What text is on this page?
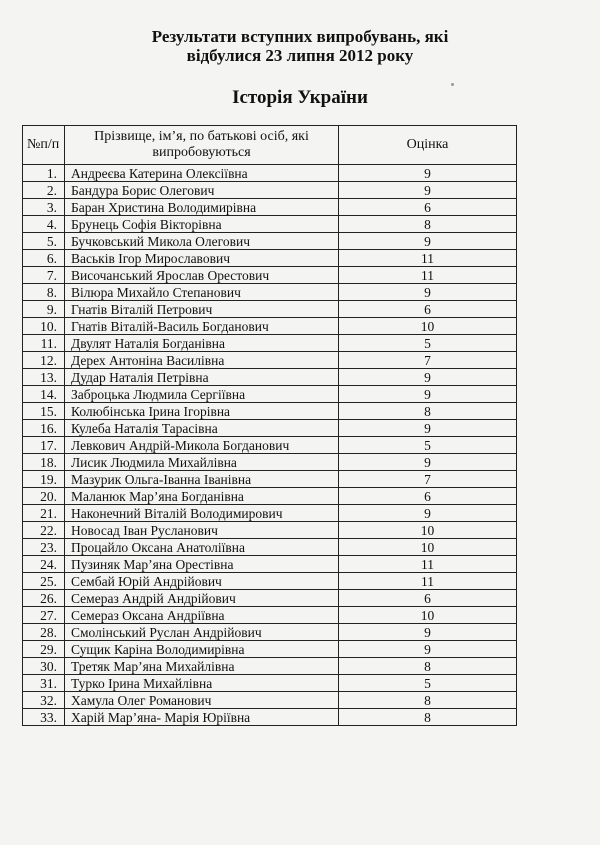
Результати вступних випробувань, які
відбулися 23 липня 2012 року
Історія України
№п/п	Прізвище, ім’я, по батькові осіб, які випробовуються	Оцінка
1.	Андреєва Катерина Олексіївна	9
2.	Бандура Борис Олегович	9
3.	Баран Христина Володимирівна	6
4.	Брунець Софія Вікторівна	8
5.	Бучковський Микола Олегович	9
6.	Васьків Ігор Мирославович	11
7.	Височанський Ярослав Орестович	11
8.	Вілюра Михайло Степанович	9
9.	Гнатів Віталій Петрович	6
10.	Гнатів Віталій-Василь Богданович	10
11.	Двулят Наталія Богданівна	5
12.	Дерех Антоніна Василівна	7
13.	Дудар Наталія Петрівна	9
14.	Заброцька Людмила Сергіївна	9
15.	Колюбінська Ірина Ігорівна	8
16.	Кулеба Наталія Тарасівна	9
17.	Левкович Андрій-Микола Богданович	5
18.	Лисик Людмила Михайлівна	9
19.	Мазурик Ольга-Іванна Іванівна	7
20.	Маланюк Мар’яна Богданівна	6
21.	Наконечний Віталій Володимирович	9
22.	Новосад Іван Русланович	10
23.	Процайло Оксана Анатоліївна	10
24.	Пузиняк Мар’яна Орестівна	11
25.	Сембай Юрій Андрійович	11
26.	Семераз Андрій Андрійович	6
27.	Семераз Оксана Андріївна	10
28.	Смолінський Руслан Андрійович	9
29.	Сущик Каріна Володимирівна	9
30.	Третяк Мар’яна Михайлівна	8
31.	Турко Ірина Михайлівна	5
32.	Хамула Олег Романович	8
33.	Харій Мар’яна- Марія Юріївна	8
